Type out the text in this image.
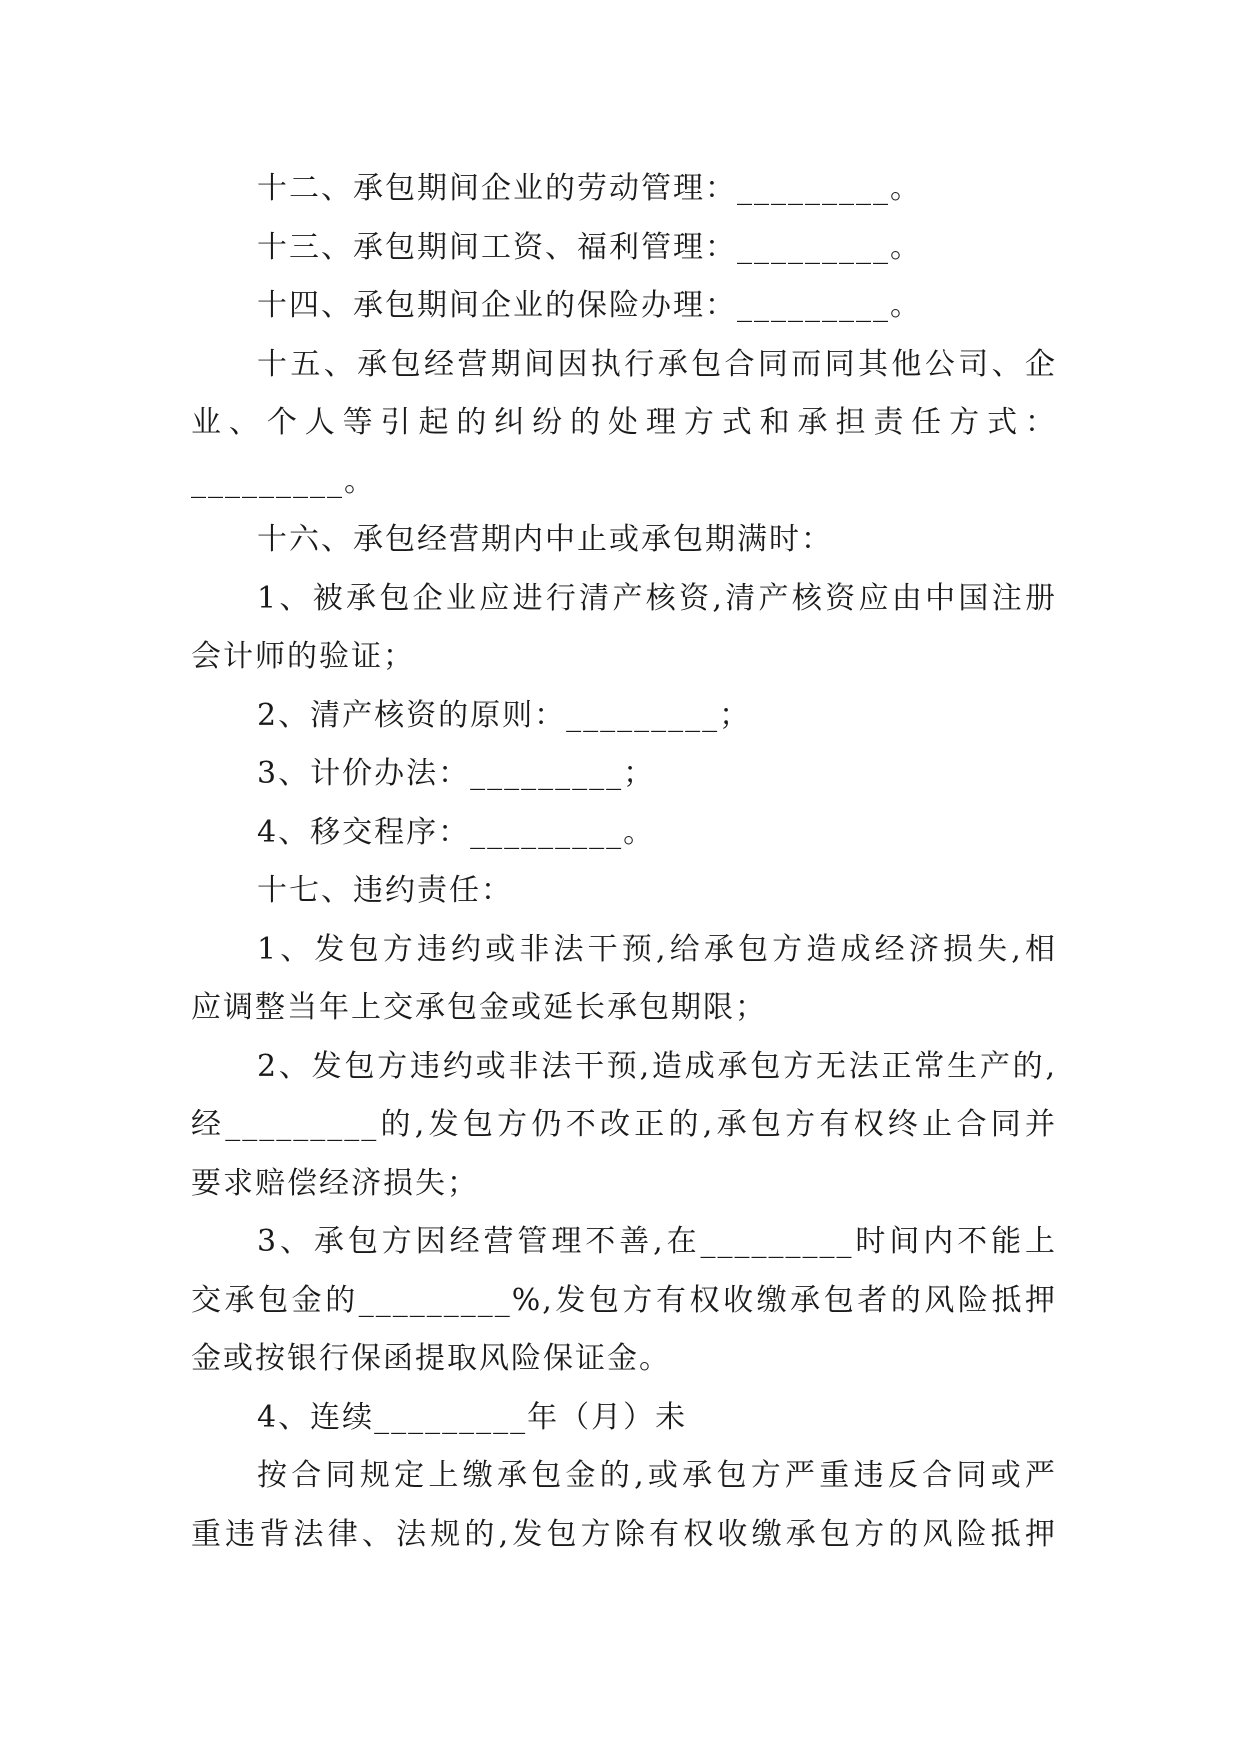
十二、承包期间企业的劳动管理：_________。
十三、承包期间工资、福利管理：_________。
十四、承包期间企业的保险办理：_________。
十五、承包经营期间因执行承包合同而同其他公司、企
业、个人等引起的纠纷的处理方式和承担责任方式：
_________。
十六、承包经营期内中止或承包期满时：
1、被承包企业应进行清产核资,清产核资应由中国注册
会计师的验证；
2、清产核资的原则：_________；
3、计价办法：_________；
4、移交程序：_________。
十七、违约责任：
1、发包方违约或非法干预,给承包方造成经济损失,相
应调整当年上交承包金或延长承包期限；
2、发包方违约或非法干预,造成承包方无法正常生产的,
经_________的,发包方仍不改正的,承包方有权终止合同并
要求赔偿经济损失；
3、承包方因经营管理不善,在_________时间内不能上
交承包金的_________%,发包方有权收缴承包者的风险抵押
金或按银行保函提取风险保证金。
4、连续_________年（月）未
按合同规定上缴承包金的,或承包方严重违反合同或严
重违背法律、法规的,发包方除有权收缴承包方的风险抵押
